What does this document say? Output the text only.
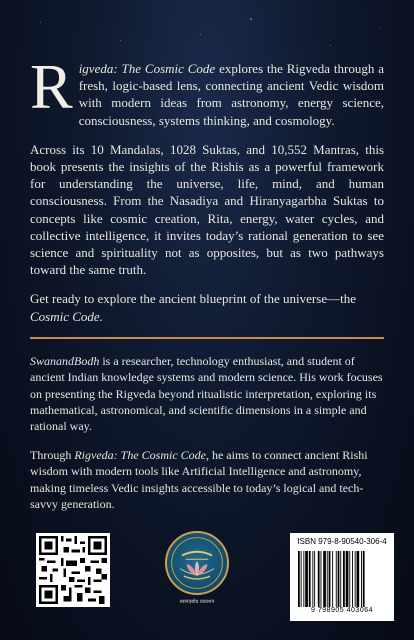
Rigveda: The Cosmic Code explores the Rigveda through a fresh, logic-based lens, connecting ancient Vedic wisdom with modern ideas from astronomy, energy science, consciousness, systems thinking, and cosmology.

Across its 10 Mandalas, 1028 Suktas, and 10,552 Mantras, this book presents the insights of the Rishis as a powerful framework for understanding the universe, life, mind, and human consciousness. From the Nasadiya and Hiranyagarbha Suktas to concepts like cosmic creation, Rita, energy, water cycles, and collective intelligence, it invites today’s rational generation to see science and spirituality not as opposites, but as two pathways toward the same truth.

Get ready to explore the ancient blueprint of the universe—the Cosmic Code.

SwanandBodh is a researcher, technology enthusiast, and student of ancient Indian knowledge systems and modern science. His work focuses on presenting the Rigveda beyond ritualistic interpretation, exploring its mathematical, astronomical, and scientific dimensions in a simple and rational way.

Through Rigveda: The Cosmic Code, he aims to connect ancient Rishi wisdom with modern tools like Artificial Intelligence and astronomy, making timeless Vedic insights accessible to today’s logical and tech-savvy generation.

स्वानंदबोध प्रकाशन
ISBN 979-8-90540-306-4
9 798905 403064
